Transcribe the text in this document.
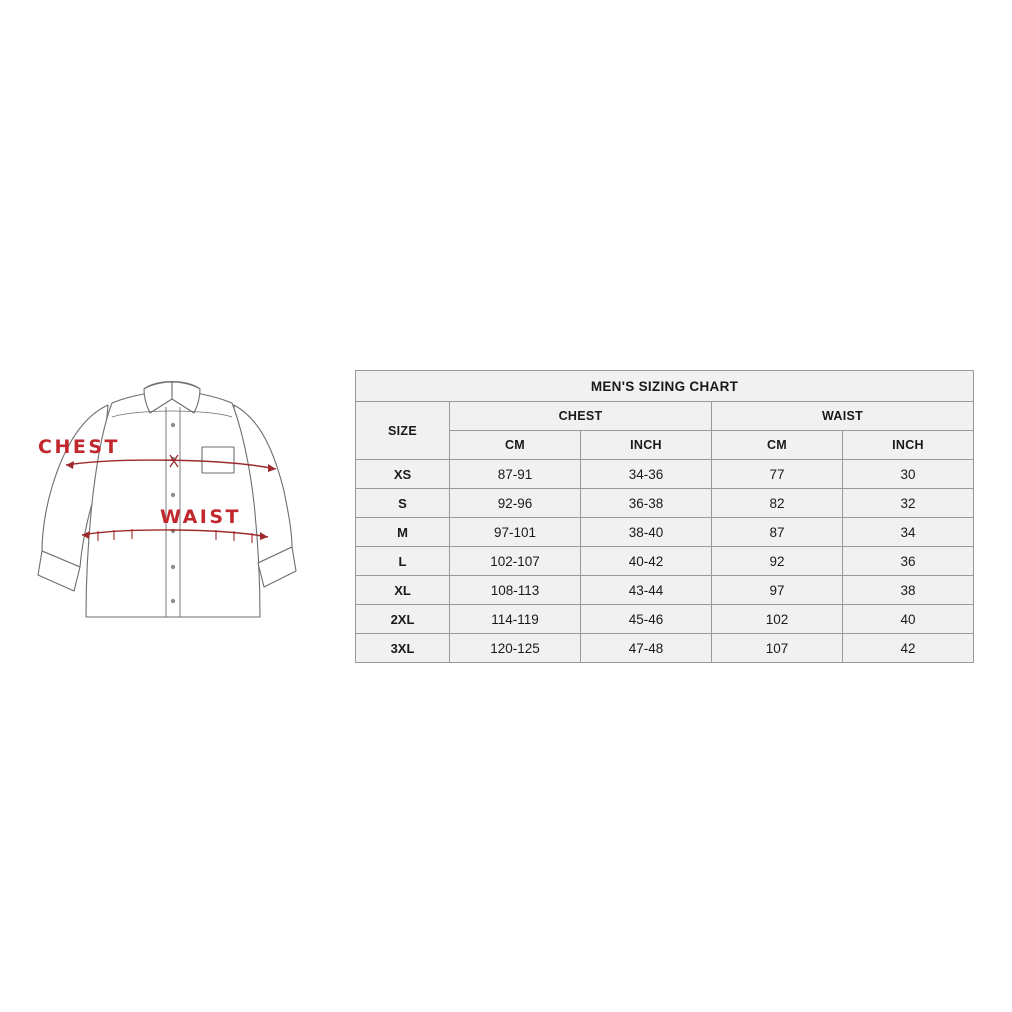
CHEST
WAIST
MEN'S SIZING CHART				
SIZE	CHEST		WAIST	
	CM	INCH	CM	INCH
XS	87-91	34-36	77	30
S	92-96	36-38	82	32
M	97-101	38-40	87	34
L	102-107	40-42	92	36
XL	108-113	43-44	97	38
2XL	114-119	45-46	102	40
3XL	120-125	47-48	107	42
